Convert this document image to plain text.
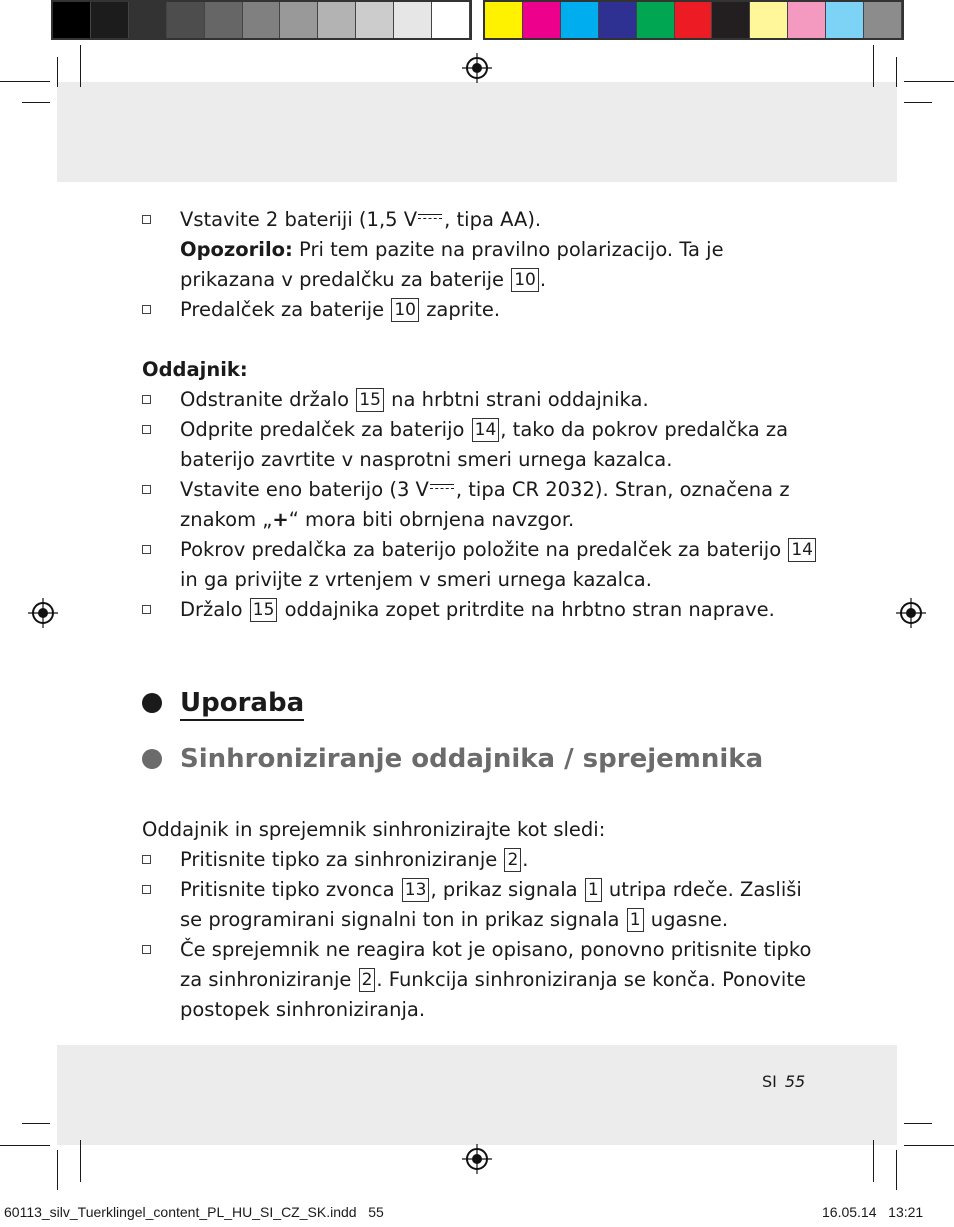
Vstavite 2 bateriji (1,5 V , tipa AA).
Opozorilo: Pri tem pazite na pravilno polarizacijo. Ta je prikazana v predalčku za baterije 10 .
Predalček za baterije 10 zaprite.
Oddajnik:
Odstranite držalo 15 na hrbtni strani oddajnika.
Odprite predalček za baterijo 14 , tako da pokrov predalčka za baterijo zavrtite v nasprotni smeri urnega kazalca.
Vstavite eno baterijo (3 V , tipa CR 2032). Stran, označena z znakom „+“ mora biti obrnjena navzgor.
Pokrov predalčka za baterijo položite na predalček za baterijo 14 in ga privijte z vrtenjem v smeri urnega kazalca.
Držalo 15 oddajnika zopet pritrdite na hrbtno stran naprave.
Uporaba
Sinhroniziranje oddajnika / sprejemnika
Oddajnik in sprejemnik sinhronizirajte kot sledi:
Pritisnite tipko za sinhroniziranje 2 .
Pritisnite tipko zvonca 13 , prikaz signala 1 utripa rdeče. Zasliši se programirani signalni ton in prikaz signala 1 ugasne.
Če sprejemnik ne reagira kot je opisano, ponovno pritisnite tipko za sinhroniziranje 2 . Funkcija sinhroniziranja se konča. Ponovite postopek sinhroniziranja.
SI 55
60113_silv_Tuerklingel_content_PL_HU_SI_CZ_SK.indd   55	16.05.14   13:21
